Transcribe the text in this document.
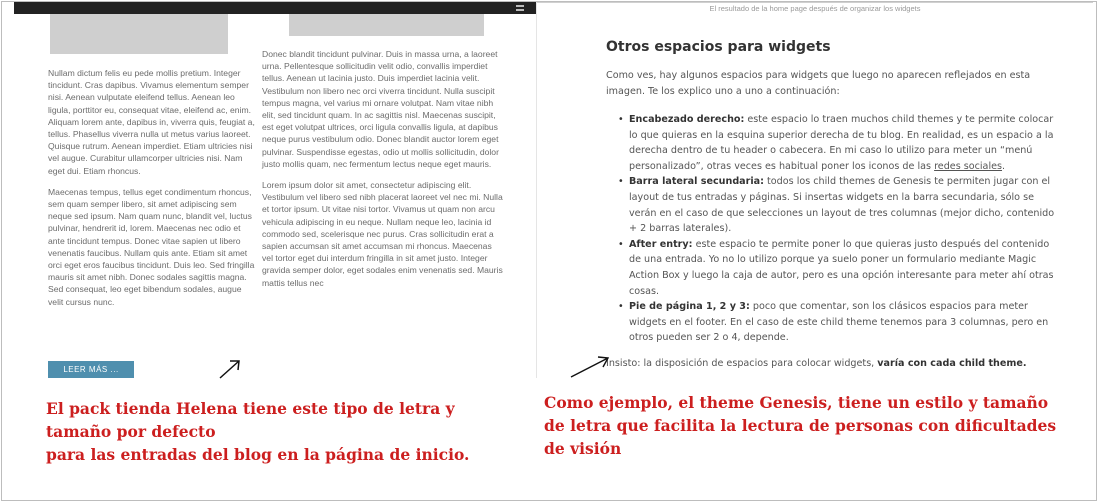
Nullam dictum felis eu pede mollis pretium. Integer tincidunt. Cras dapibus. Vivamus elementum semper nisi. Aenean vulputate eleifend tellus. Aenean leo ligula, porttitor eu, consequat vitae, eleifend ac, enim. Aliquam lorem ante, dapibus in, viverra quis, feugiat a, tellus. Phasellus viverra nulla ut metus varius laoreet. Quisque rutrum. Aenean imperdiet. Etiam ultricies nisi vel augue. Curabitur ullamcorper ultricies nisi. Nam eget dui. Etiam rhoncus.

Maecenas tempus, tellus eget condimentum rhoncus, sem quam semper libero, sit amet adipiscing sem neque sed ipsum. Nam quam nunc, blandit vel, luctus pulvinar, hendrerit id, lorem. Maecenas nec odio et ante tincidunt tempus. Donec vitae sapien ut libero venenatis faucibus. Nullam quis ante. Etiam sit amet orci eget eros faucibus tincidunt. Duis leo. Sed fringilla mauris sit amet nibh. Donec sodales sagittis magna. Sed consequat, leo eget bibendum sodales, augue velit cursus nunc.

LEER MÁS ...

Donec blandit tincidunt pulvinar. Duis in massa urna, a laoreet urna. Pellentesque sollicitudin velit odio, convallis imperdiet tellus. Aenean ut lacinia justo. Duis imperdiet lacinia velit. Vestibulum non libero nec orci viverra tincidunt. Nulla suscipit tempus magna, vel varius mi ornare volutpat. Nam vitae nibh elit, sed tincidunt quam. In ac sagittis nisl. Maecenas suscipit, est eget volutpat ultrices, orci ligula convallis ligula, at dapibus neque purus vestibulum odio. Donec blandit auctor lorem eget pulvinar. Suspendisse egestas, odio ut mollis sollicitudin, dolor justo mollis quam, nec fermentum lectus neque eget mauris.

Lorem ipsum dolor sit amet, consectetur adipiscing elit. Vestibulum vel libero sed nibh placerat laoreet vel nec mi. Nulla et tortor ipsum. Ut vitae nisi tortor. Vivamus ut quam non arcu vehicula adipiscing in eu neque. Nullam neque leo, lacinia id commodo sed, scelerisque nec purus. Cras sollicitudin erat a sapien accumsan sit amet accumsan mi rhoncus. Maecenas vel tortor eget dui interdum fringilla in sit amet justo. Integer gravida semper dolor, eget sodales enim venenatis sed. Mauris mattis tellus nec

El resultado de la home page después de organizar los widgets
Otros espacios para widgets

Como ves, hay algunos espacios para widgets que luego no aparecen reflejados en esta imagen. Te los explico uno a uno a continuación:

• Encabezado derecho: este espacio lo traen muchos child themes y te permite colocar lo que quieras en la esquina superior derecha de tu blog. En realidad, es un espacio a la derecha dentro de tu header o cabecera. En mi caso lo utilizo para meter un “menú personalizado”, otras veces es habitual poner los iconos de las redes sociales.
• Barra lateral secundaria: todos los child themes de Genesis te permiten jugar con el layout de tus entradas y páginas. Si insertas widgets en la barra secundaria, sólo se verán en el caso de que selecciones un layout de tres columnas (mejor dicho, contenido + 2 barras laterales).
• After entry: este espacio te permite poner lo que quieras justo después del contenido de una entrada. Yo no lo utilizo porque ya suelo poner un formulario mediante Magic Action Box y luego la caja de autor, pero es una opción interesante para meter ahí otras cosas.
• Pie de página 1, 2 y 3: poco que comentar, son los clásicos espacios para meter widgets en el footer. En el caso de este child theme tenemos para 3 columnas, pero en otros pueden ser 2 o 4, depende.

Insisto: la disposición de espacios para colocar widgets, varía con cada child theme.

El pack tienda Helena tiene este tipo de letra y
tamaño por defecto
para las entradas del blog en la página de inicio.
Como ejemplo, el theme Genesis, tiene un estilo y tamaño
de letra que facilita la lectura de personas con dificultades
de visión
